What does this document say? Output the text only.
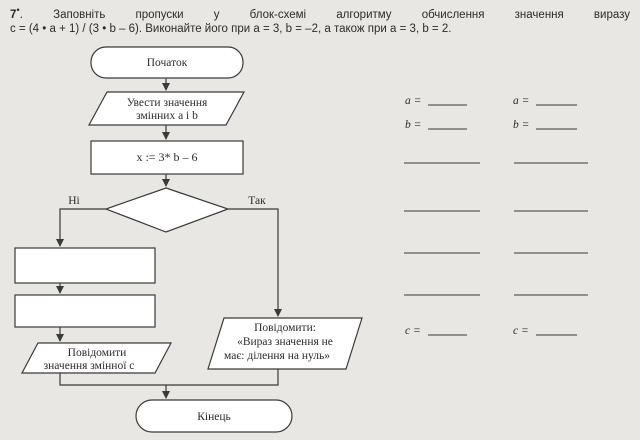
7•. Заповніть пропуски у блок-схемі алгоритму обчислення значення виразу
c = (4 • a + 1) / (3 • b – 6). Виконайте його при a = 3, b = –2, а також при a = 3, b = 2.
Початок
Увести значення
змінних a і b
x := 3* b – 6
Ні	Так
Повідомити
значення змінної c
Повідомити:
«Вираз значення не
має: ділення на нуль»
Кінець
a =	a =
b =	b =
c =	c =
